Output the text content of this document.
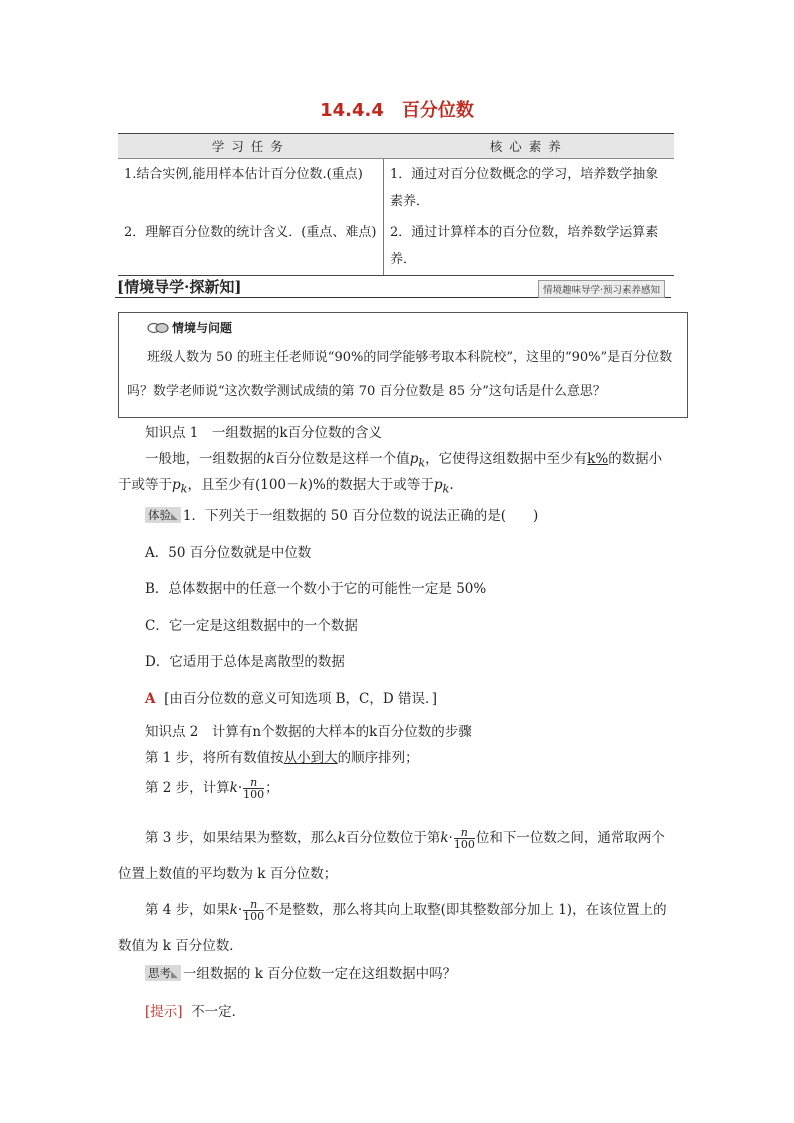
14.4.4　百分位数
学习任务	核心素养
1.结合实例,能用样本估计百分位数.(重点)	1．通过对百分位数概念的学习，培养数学抽象素养．
2．理解百分位数的统计含义．(重点、难点)	2．通过计算样本的百分位数，培养数学运算素养．
[情境导学·探新知]	情境趣味导学·预习素养感知
情境与问题
班级人数为 50 的班主任老师说“90%的同学能够考取本科院校”，这里的“90%”是百分位数吗？数学老师说“这次数学测试成绩的第 70 百分位数是 85 分”这句话是什么意思？
知识点 1　一组数据的k百分位数的含义
一般地，一组数据的k百分位数是这样一个值$p_k$，它使得这组数据中至少有k%的数据小
于或等于$p_k$，且至少有(100－k)%的数据大于或等于$p_k$.
体验◣ 1．下列关于一组数据的 50 百分位数的说法正确的是(　　)
A．50 百分位数就是中位数
B．总体数据中的任意一个数小于它的可能性一定是 50%
C．它一定是这组数据中的一个数据
D．它适用于总体是离散型的数据
A [由百分位数的意义可知选项 B，C，D 错误．]
知识点 2　计算有n个数据的大样本的k百分位数的步骤
第 1 步，将所有数值按从小到大的顺序排列；
第 2 步，计算$k\cdot \frac{n}{100}$ ；
第 3 步，如果结果为整数，那么k百分位数位于第$k\cdot \frac{n}{100}$ 位和下一位数之间，通常取两个
位置上数值的平均数为 k 百分位数；
第 4 步，如果$k\cdot \frac{n}{100}$ 不是整数，那么将其向上取整(即其整数部分加上 1)，在该位置上的
数值为 k 百分位数．
思考◣ 一组数据的 k 百分位数一定在这组数据中吗？
[提示] 不一定．
